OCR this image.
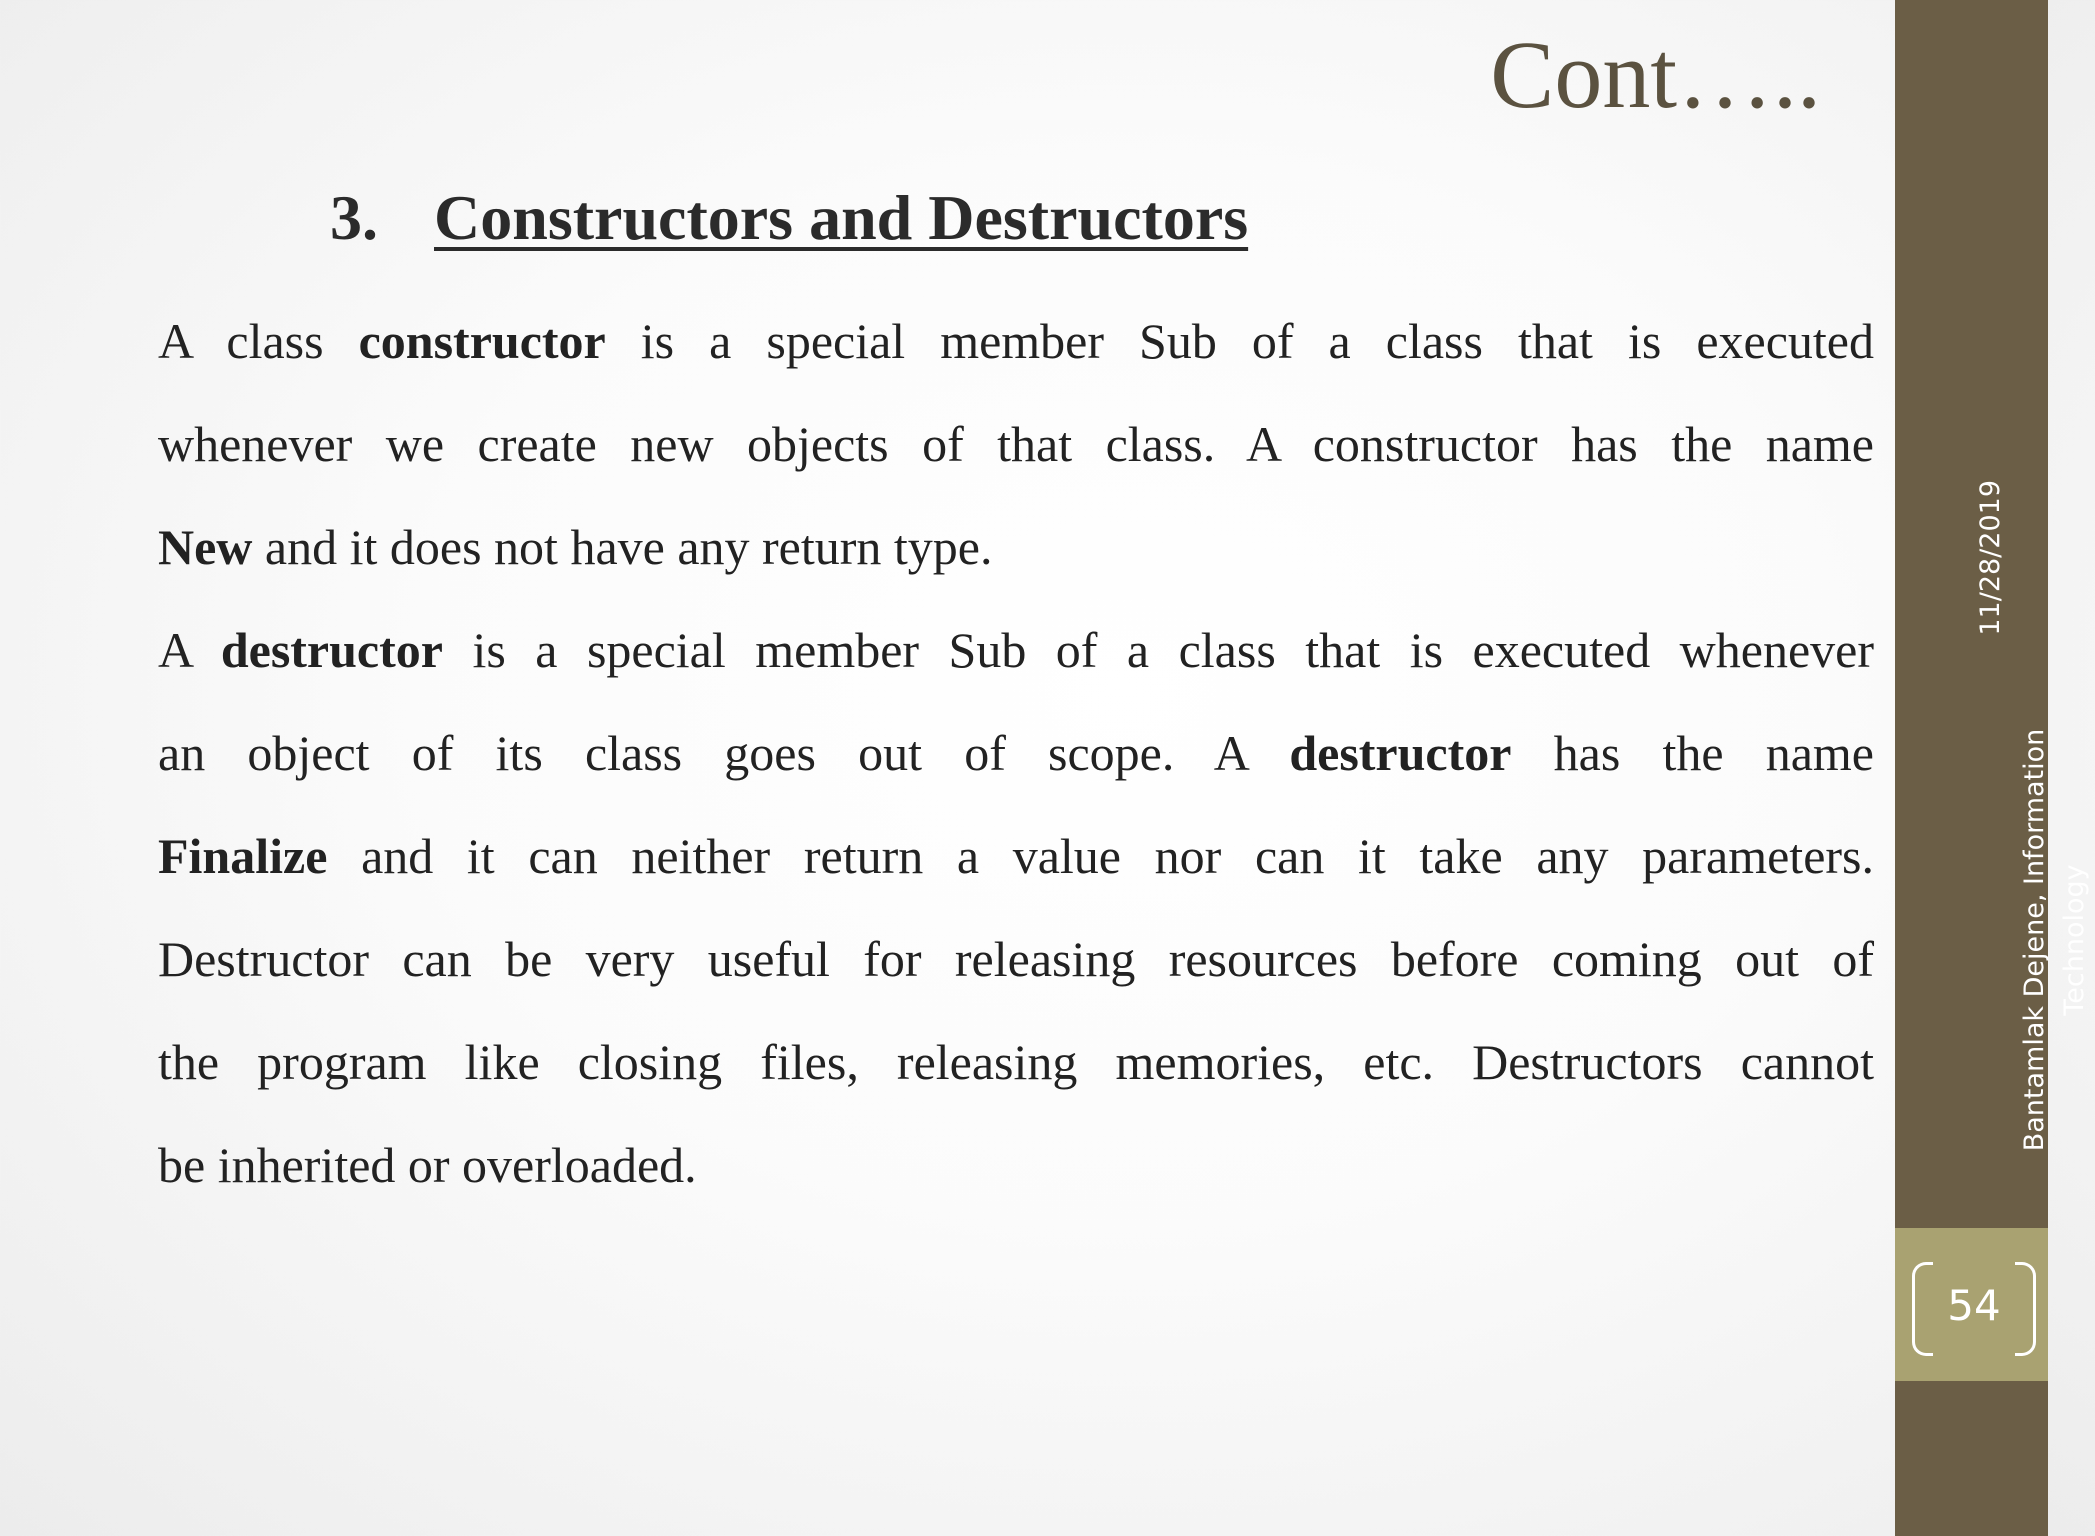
Cont…..
3. Constructors and Destructors
A class constructor is a special member Sub of a class that is executed
whenever we create new objects of that class. A constructor has the name
New and it does not have any return type.
A destructor is a special member Sub of a class that is executed whenever
an object of its class goes out of scope. A destructor has the name
Finalize and it can neither return a value nor can it take any parameters.
Destructor can be very useful for releasing resources before coming out of
the program like closing files, releasing memories, etc. Destructors cannot
be inherited or overloaded.
11/28/2019
Bantamlak Dejene, Information Technology
54
